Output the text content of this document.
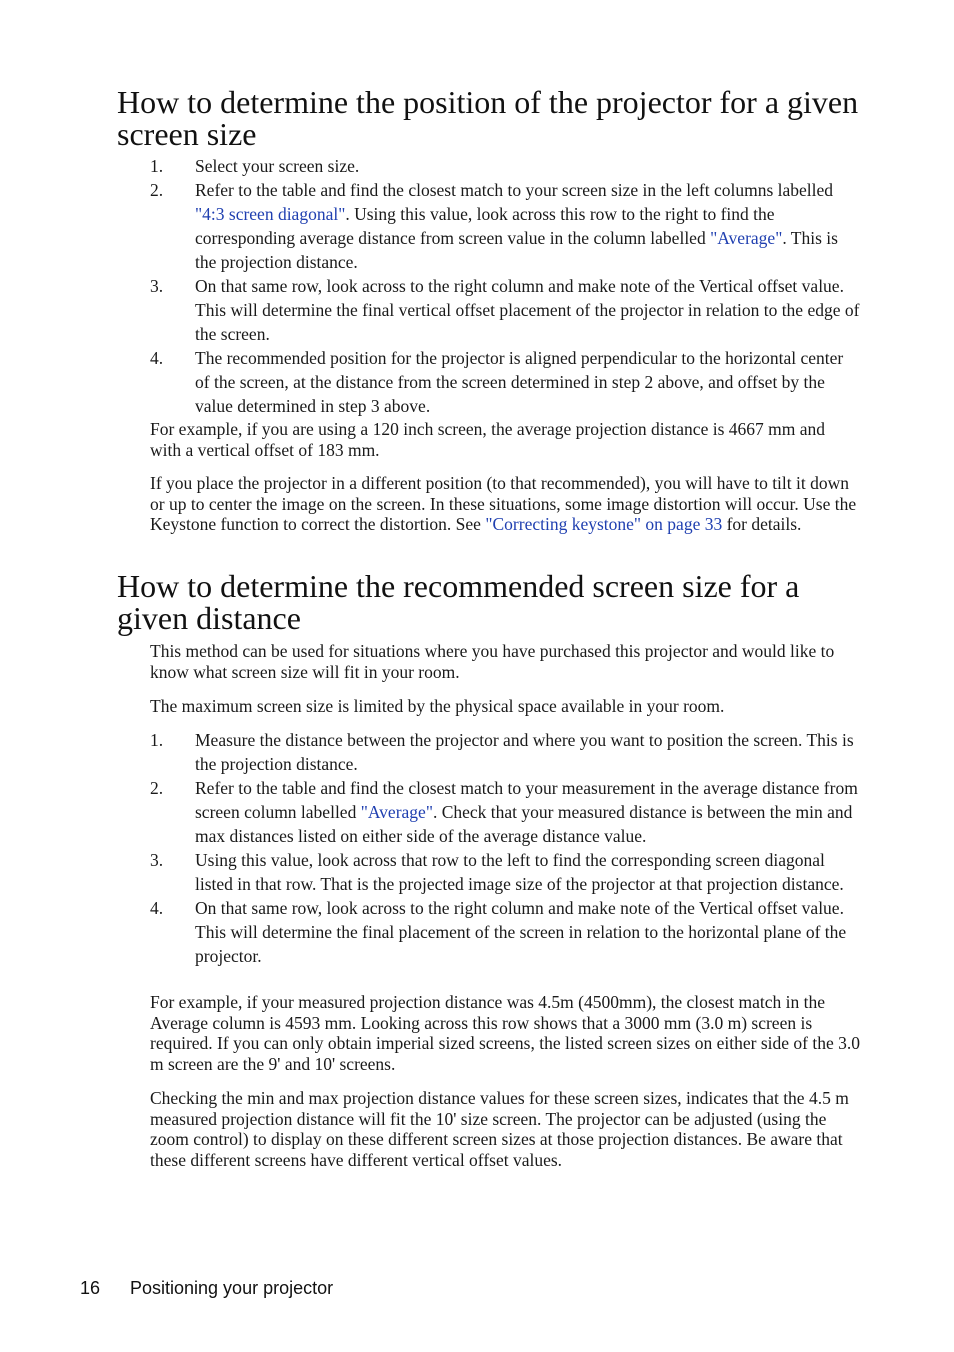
How to determine the position of the projector for a given screen size
1. Select your screen size.
2. Refer to the table and find the closest match to your screen size in the left columns labelled "4:3 screen diagonal". Using this value, look across this row to the right to find the corresponding average distance from screen value in the column labelled "Average". This is the projection distance.
3. On that same row, look across to the right column and make note of the Vertical offset value. This will determine the final vertical offset placement of the projector in relation to the edge of the screen.
4. The recommended position for the projector is aligned perpendicular to the horizontal center of the screen, at the distance from the screen determined in step 2 above, and offset by the value determined in step 3 above.

For example, if you are using a 120 inch screen, the average projection distance is 4667 mm and with a vertical offset of 183 mm.

If you place the projector in a different position (to that recommended), you will have to tilt it down or up to center the image on the screen. In these situations, some image distortion will occur. Use the Keystone function to correct the distortion. See "Correcting keystone" on page 33 for details.

How to determine the recommended screen size for a given distance

This method can be used for situations where you have purchased this projector and would like to know what screen size will fit in your room.

The maximum screen size is limited by the physical space available in your room.

1. Measure the distance between the projector and where you want to position the screen. This is the projection distance.
2. Refer to the table and find the closest match to your measurement in the average distance from screen column labelled "Average". Check that your measured distance is between the min and max distances listed on either side of the average distance value.
3. Using this value, look across that row to the left to find the corresponding screen diagonal listed in that row. That is the projected image size of the projector at that projection distance.
4. On that same row, look across to the right column and make note of the Vertical offset value. This will determine the final placement of the screen in relation to the horizontal plane of the projector.

For example, if your measured projection distance was 4.5m (4500mm), the closest match in the Average column is 4593 mm. Looking across this row shows that a 3000 mm (3.0 m) screen is required. If you can only obtain imperial sized screens, the listed screen sizes on either side of the 3.0 m screen are the 9' and 10' screens.

Checking the min and max projection distance values for these screen sizes, indicates that the 4.5 m measured projection distance will fit the 10' size screen. The projector can be adjusted (using the zoom control) to display on these different screen sizes at those projection distances. Be aware that these different screens have different vertical offset values.

16 Positioning your projector
